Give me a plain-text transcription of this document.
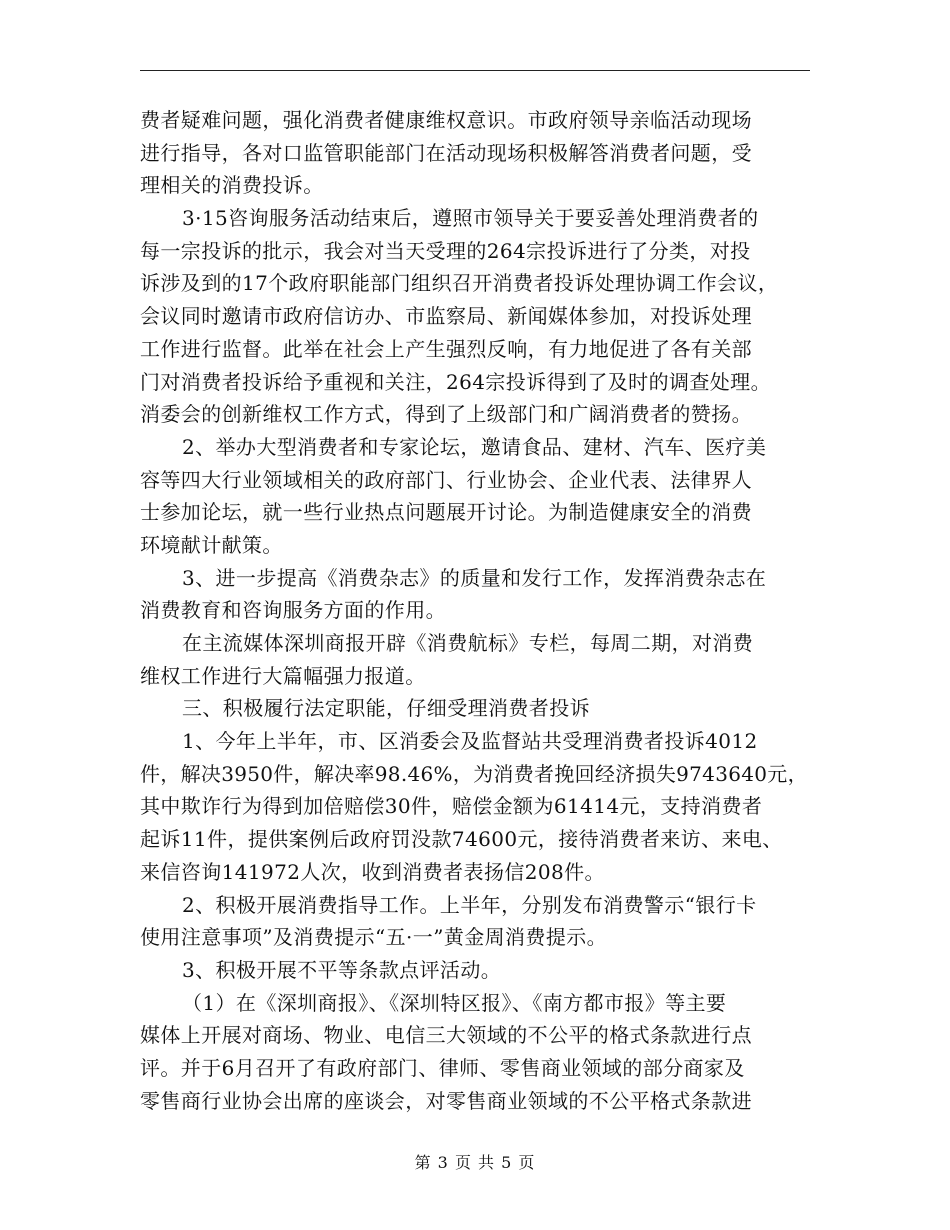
费者疑难问题，强化消费者健康维权意识。市政府领导亲临活动现场
进行指导，各对口监管职能部门在活动现场积极解答消费者问题，受
理相关的消费投诉。
3·15咨询服务活动结束后，遵照市领导关于要妥善处理消费者的
每一宗投诉的批示，我会对当天受理的264宗投诉进行了分类，对投
诉涉及到的17个政府职能部门组织召开消费者投诉处理协调工作会议，
会议同时邀请市政府信访办、市监察局、新闻媒体参加，对投诉处理
工作进行监督。此举在社会上产生强烈反响，有力地促进了各有关部
门对消费者投诉给予重视和关注，264宗投诉得到了及时的调查处理。
消委会的创新维权工作方式，得到了上级部门和广阔消费者的赞扬。
2、举办大型消费者和专家论坛，邀请食品、建材、汽车、医疗美
容等四大行业领域相关的政府部门、行业协会、企业代表、法律界人
士参加论坛，就一些行业热点问题展开讨论。为制造健康安全的消费
环境献计献策。
3、进一步提高《消费杂志》的质量和发行工作，发挥消费杂志在
消费教育和咨询服务方面的作用。
在主流媒体深圳商报开辟《消费航标》专栏，每周二期，对消费
维权工作进行大篇幅强力报道。
三、积极履行法定职能，仔细受理消费者投诉
1、今年上半年，市、区消委会及监督站共受理消费者投诉4012
件，解决3950件，解决率98.46%，为消费者挽回经济损失9743640元，
其中欺诈行为得到加倍赔偿30件，赔偿金额为61414元，支持消费者
起诉11件，提供案例后政府罚没款74600元，接待消费者来访、来电、
来信咨询141972人次，收到消费者表扬信208件。
2、积极开展消费指导工作。上半年，分别发布消费警示“银行卡
使用注意事项”及消费提示“五·一”黄金周消费提示。
3、积极开展不平等条款点评活动。
（1）在《深圳商报》、《深圳特区报》、《南方都市报》等主要
媒体上开展对商场、物业、电信三大领域的不公平的格式条款进行点
评。并于6月召开了有政府部门、律师、零售商业领域的部分商家及
零售商行业协会出席的座谈会，对零售商业领域的不公平格式条款进
第 3 页 共 5 页
